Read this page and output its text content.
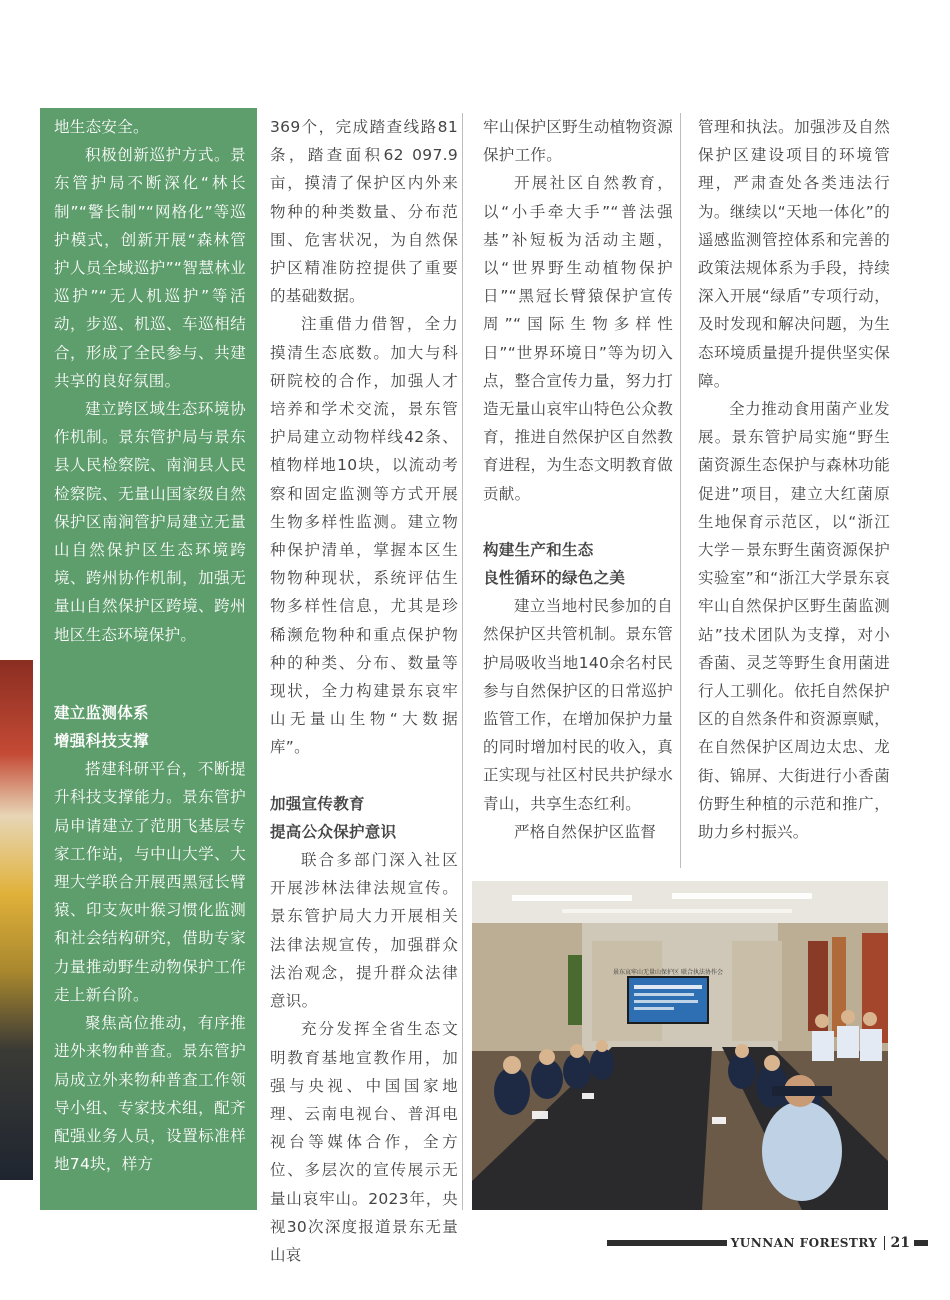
地生态安全。

积极创新巡护方式。景东管护局不断深化“林长制”“警长制”“网格化”等巡护模式，创新开展“森林管护人员全域巡护”“智慧林业巡护”“无人机巡护”等活动，步巡、机巡、车巡相结合，形成了全民参与、共建共享的良好氛围。

建立跨区域生态环境协作机制。景东管护局与景东县人民检察院、南涧县人民检察院、无量山国家级自然保护区南涧管护局建立无量山自然保护区生态环境跨境、跨州协作机制，加强无量山自然保护区跨境、跨州地区生态环境保护。

建立监测体系
增强科技支撑

搭建科研平台，不断提升科技支撑能力。景东管护局申请建立了范朋飞基层专家工作站，与中山大学、大理大学联合开展西黑冠长臂猿、印支灰叶猴习惯化监测和社会结构研究，借助专家力量推动野生动物保护工作走上新台阶。

聚焦高位推动，有序推进外来物种普查。景东管护局成立外来物种普查工作领导小组、专家技术组，配齐配强业务人员，设置标准样地74块，样方

369个，完成踏查线路81条，踏查面积62 097.9亩，摸清了保护区内外来物种的种类数量、分布范围、危害状况，为自然保护区精准防控提供了重要的基础数据。

注重借力借智，全力摸清生态底数。加大与科研院校的合作，加强人才培养和学术交流，景东管护局建立动物样线42条、植物样地10块，以流动考察和固定监测等方式开展生物多样性监测。建立物种保护清单，掌握本区生物物种现状，系统评估生物多样性信息，尤其是珍稀濒危物种和重点保护物种的种类、分布、数量等现状，全力构建景东哀牢山无量山生物“大数据库”。

加强宣传教育
提高公众保护意识

联合多部门深入社区开展涉林法律法规宣传。景东管护局大力开展相关法律法规宣传，加强群众法治观念，提升群众法律意识。

充分发挥全省生态文明教育基地宣教作用，加强与央视、中国国家地理、云南电视台、普洱电视台等媒体合作，全方位、多层次的宣传展示无量山哀牢山。2023年，央视30次深度报道景东无量山哀

牢山保护区野生动植物资源保护工作。

开展社区自然教育，以“小手牵大手”“普法强基”补短板为活动主题，以“世界野生动植物保护日”“黑冠长臂猿保护宣传周”“国际生物多样性日”“世界环境日”等为切入点，整合宣传力量，努力打造无量山哀牢山特色公众教育，推进自然保护区自然教育进程，为生态文明教育做贡献。

构建生产和生态
良性循环的绿色之美

建立当地村民参加的自然保护区共管机制。景东管护局吸收当地140余名村民参与自然保护区的日常巡护监管工作，在增加保护力量的同时增加村民的收入，真正实现与社区村民共护绿水青山，共享生态红利。

严格自然保护区监督

管理和执法。加强涉及自然保护区建设项目的环境管理，严肃查处各类违法行为。继续以“天地一体化”的遥感监测管控体系和完善的政策法规体系为手段，持续深入开展“绿盾”专项行动，及时发现和解决问题，为生态环境质量提升提供坚实保障。

全力推动食用菌产业发展。景东管护局实施“野生菌资源生态保护与森林功能促进”项目，建立大红菌原生地保育示范区，以“浙江大学－景东野生菌资源保护实验室”和“浙江大学景东哀牢山自然保护区野生菌监测站”技术团队为支撑，对小香菌、灵芝等野生食用菌进行人工驯化。依托自然保护区的自然条件和资源禀赋，在自然保护区周边太忠、龙街、锦屏、大街进行小香菌仿野生种植的示范和推广，助力乡村振兴。

景东哀牢山无量山保护区 联合执法协作会
YUNNAN FORESTRY 21
